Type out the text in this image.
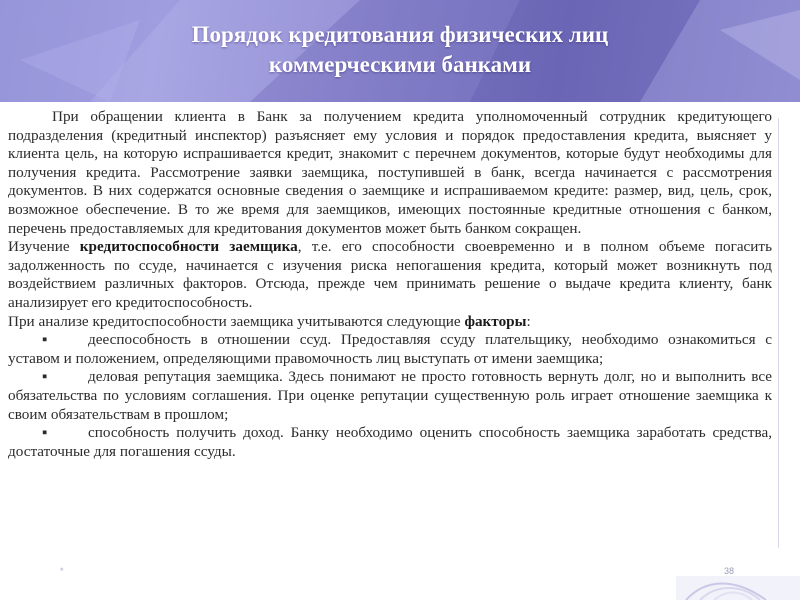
Порядок кредитования физических лиц
коммерческими банками

При обращении клиента в Банк за получением кредита уполномоченный сотрудник кредитующего подразделения (кредитный инспектор) разъясняет ему условия и порядок предоставления кредита, выясняет у клиента цель, на которую испрашивается кредит, знакомит с перечнем документов, которые будут необходимы для получения кредита. Рассмотрение заявки заемщика, поступившей в банк, всегда начинается с рассмотрения документов. В них содержатся основные сведения о заемщике и испрашиваемом кредите: размер, вид, цель, срок, возможное обеспечение. В то же время для заемщиков, имеющих постоянные кредитные отношения с банком, перечень предоставляемых для кредитования документов может быть банком сокращен.

Изучение кредитоспособности заемщика, т.е. его способности своевременно и в полном объеме погасить задолженность по ссуде, начинается с изучения риска непогашения кредита, который может возникнуть под воздействием различных факторов. Отсюда, прежде чем принимать решение о выдаче кредита клиенту, банк анализирует его кредитоспособность.

При анализе кредитоспособности заемщика учитываются следующие факторы:

▪	дееспособность в отношении ссуд. Предоставляя ссуду плательщику, необходимо ознакомиться с уставом и положением, определяющими правомочность лиц выступать от имени заемщика;

▪	деловая репутация заемщика. Здесь понимают не просто готовность вернуть долг, но и выполнить все обязательства по условиям соглашения. При оценке репутации существенную роль играет отношение заемщика к своим обязательствам в прошлом;

▪	способность получить доход. Банку необходимо оценить способность заемщика заработать средства, достаточные для погашения ссуды.

*	38
